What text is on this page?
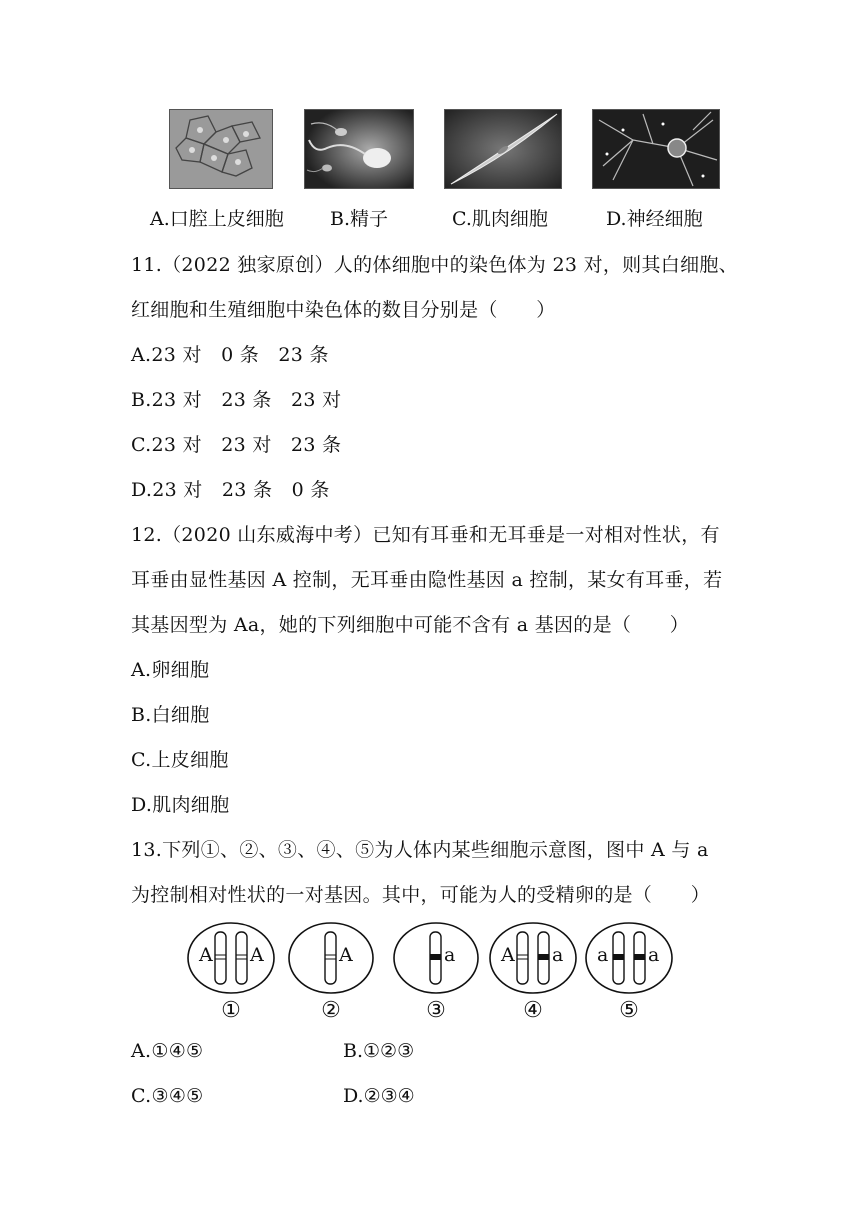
A.口腔上皮细胞 B.精子	C.肌肉细胞	D.神经细胞
11.（2022 独家原创）人的体细胞中的染色体为 23 对，则其白细胞、
红细胞和生殖细胞中染色体的数目分别是（　　）
A.23 对　0 条　23 条
B.23 对　23 条　23 对
C.23 对　23 对　23 条
D.23 对　23 条　0 条
12.（2020 山东威海中考）已知有耳垂和无耳垂是一对相对性状，有
耳垂由显性基因 A 控制，无耳垂由隐性基因 a 控制，某女有耳垂，若
其基因型为 Aa，她的下列细胞中可能不含有 a 基因的是（　　）
A.卵细胞
B.白细胞
C.上皮细胞
D.肌肉细胞
13.下列①、②、③、④、⑤为人体内某些细胞示意图，图中 A 与 a
为控制相对性状的一对基因。其中，可能为人的受精卵的是（　　）
A A	A	a A a a a
①	②	③	④	⑤
A.①④⑤	B.①②③
C.③④⑤	D.②③④
